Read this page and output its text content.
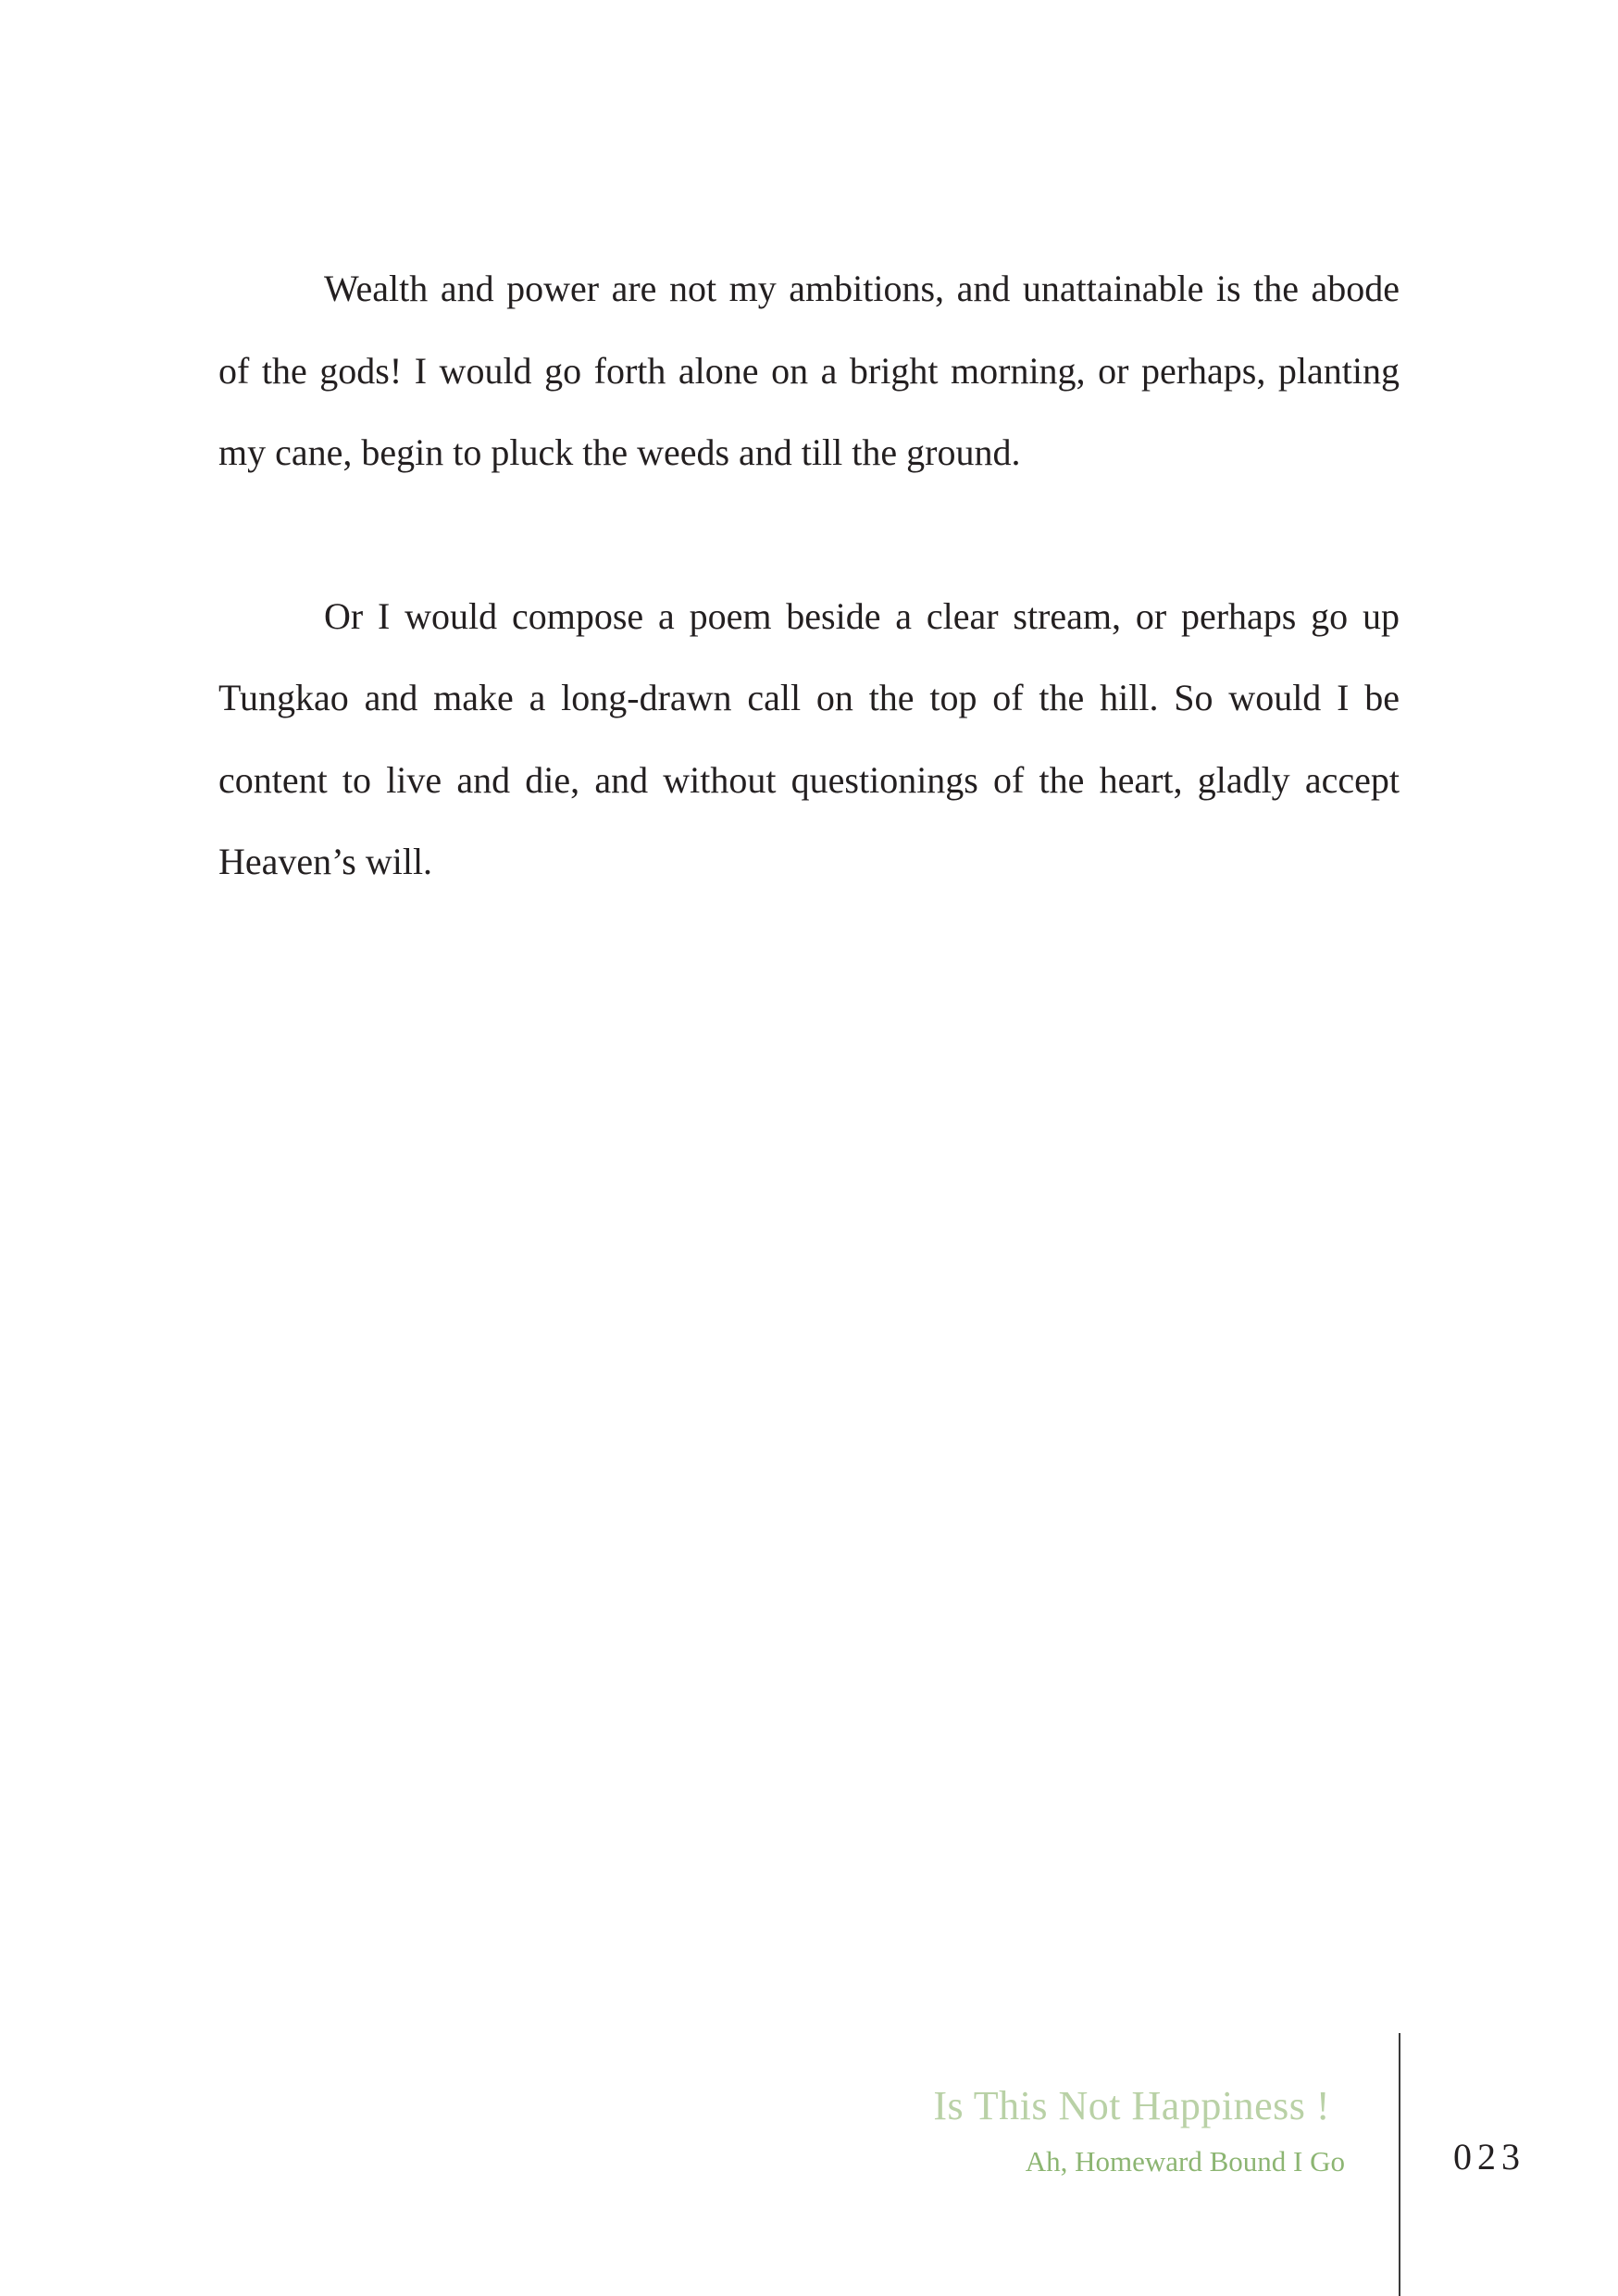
Wealth and power are not my ambitions, and unattainable is the abode of the gods! I would go forth alone on a bright morning, or perhaps, planting my cane, begin to pluck the weeds and till the ground.

Or I would compose a poem beside a clear stream, or perhaps go up Tungkao and make a long-drawn call on the top of the hill. So would I be content to live and die, and without questionings of the heart, gladly accept Heaven’s will.

Is This Not Happiness !
Ah, Homeward Bound I Go	023
